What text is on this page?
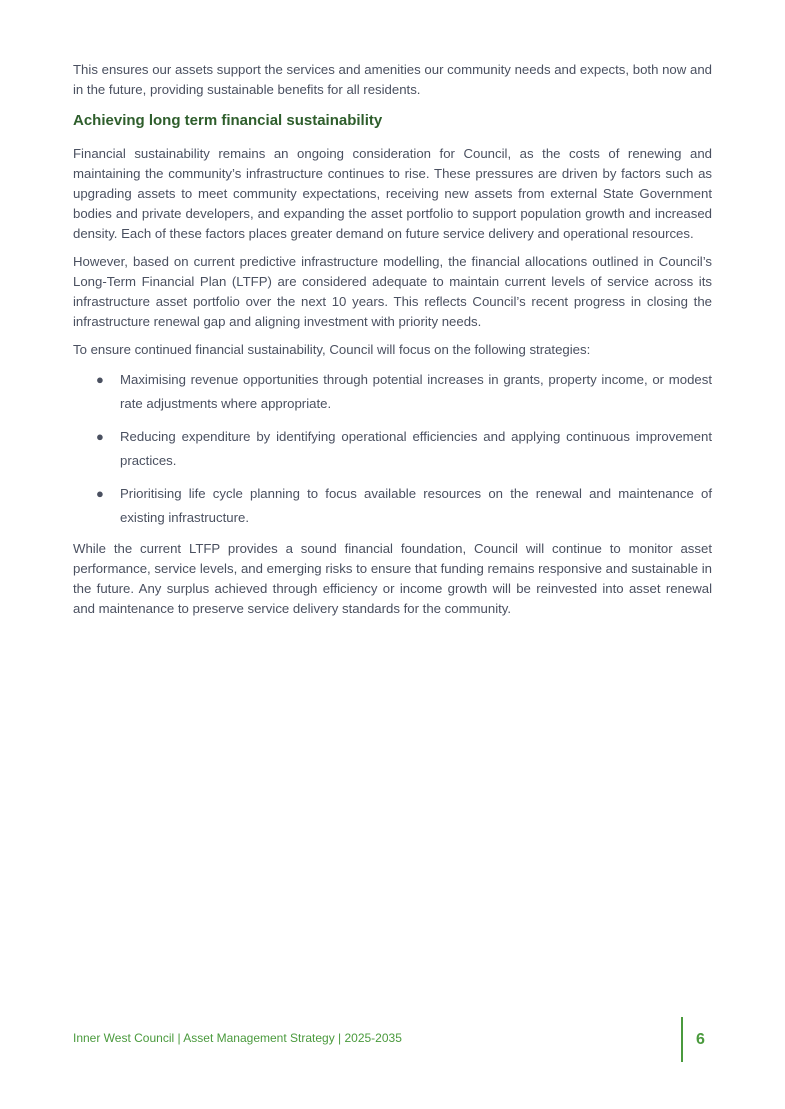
This ensures our assets support the services and amenities our community needs and expects, both now and in the future, providing sustainable benefits for all residents.

Achieving long term financial sustainability

Financial sustainability remains an ongoing consideration for Council, as the costs of renewing and maintaining the community’s infrastructure continues to rise. These pressures are driven by factors such as upgrading assets to meet community expectations, receiving new assets from external State Government bodies and private developers, and expanding the asset portfolio to support population growth and increased density. Each of these factors places greater demand on future service delivery and operational resources.

However, based on current predictive infrastructure modelling, the financial allocations outlined in Council’s Long-Term Financial Plan (LTFP) are considered adequate to maintain current levels of service across its infrastructure asset portfolio over the next 10 years. This reflects Council’s recent progress in closing the infrastructure renewal gap and aligning investment with priority needs.

To ensure continued financial sustainability, Council will focus on the following strategies:

● Maximising revenue opportunities through potential increases in grants, property income, or modest rate adjustments where appropriate.
● Reducing expenditure by identifying operational efficiencies and applying continuous improvement practices.
● Prioritising life cycle planning to focus available resources on the renewal and maintenance of existing infrastructure.

While the current LTFP provides a sound financial foundation, Council will continue to monitor asset performance, service levels, and emerging risks to ensure that funding remains responsive and sustainable in the future. Any surplus achieved through efficiency or income growth will be reinvested into asset renewal and maintenance to preserve service delivery standards for the community.

Inner West Council | Asset Management Strategy | 2025-2035	6
